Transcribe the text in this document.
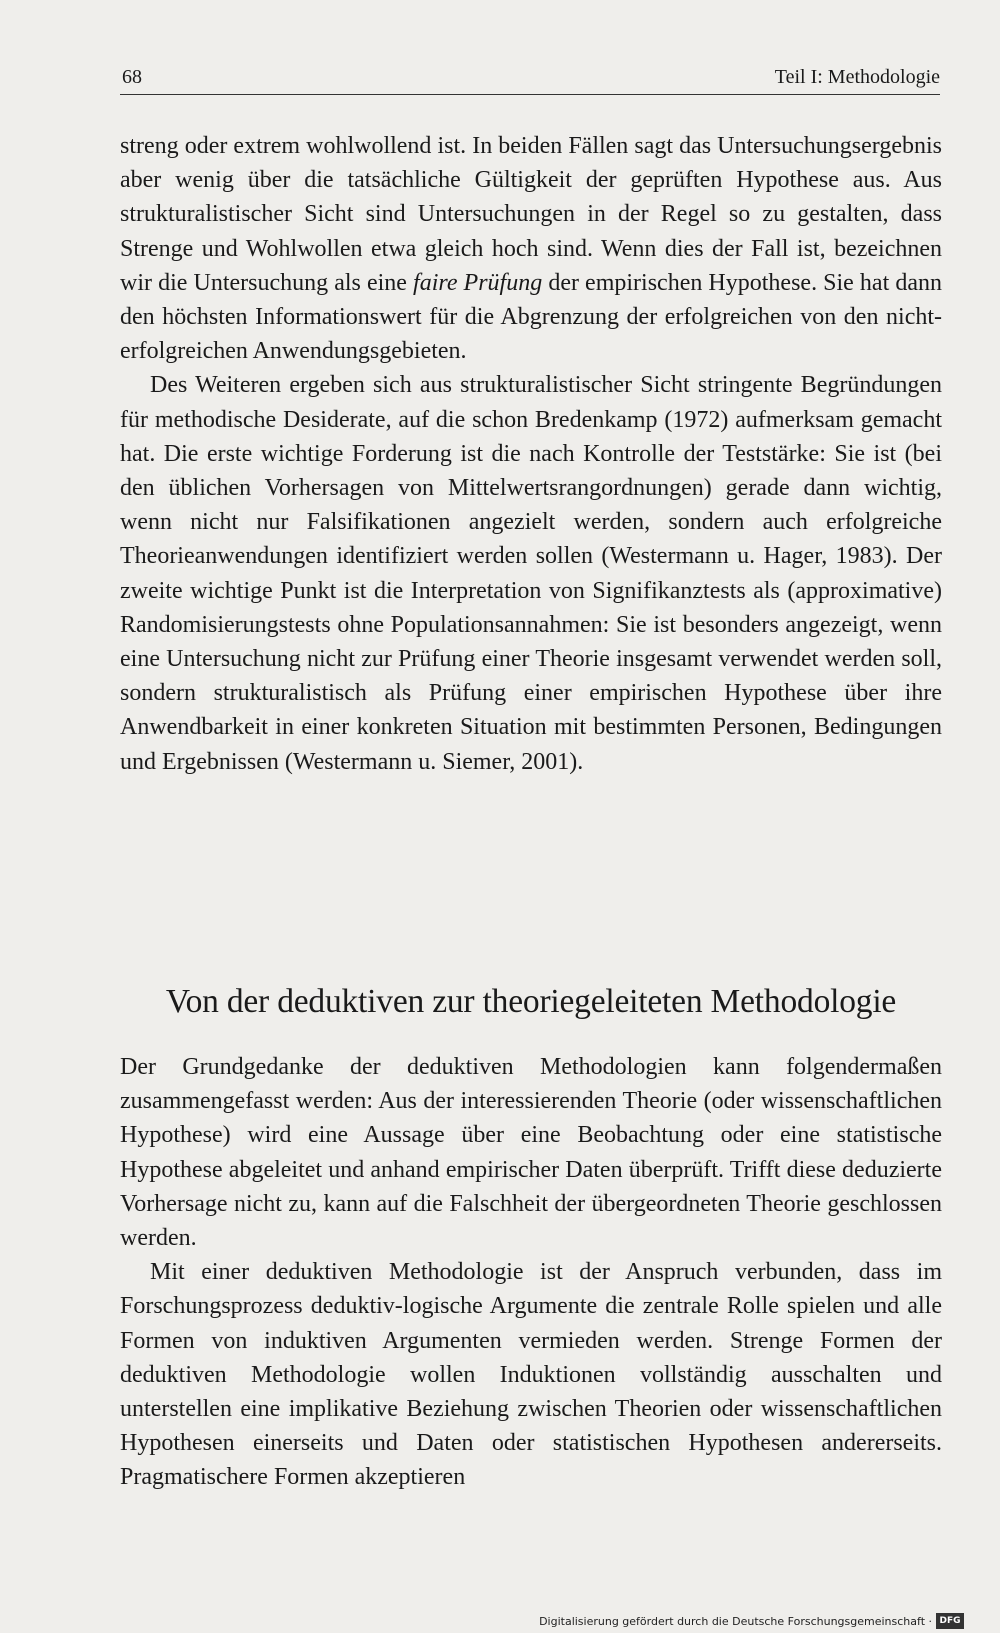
68	Teil I: Methodologie

streng oder extrem wohlwollend ist. In beiden Fällen sagt das Untersuchungsergebnis aber wenig über die tatsächliche Gültigkeit der geprüften Hypothese aus. Aus strukturalistischer Sicht sind Untersuchungen in der Regel so zu gestalten, dass Strenge und Wohlwollen etwa gleich hoch sind. Wenn dies der Fall ist, bezeichnen wir die Untersuchung als eine faire Prüfung der empirischen Hypothese. Sie hat dann den höchsten Informationswert für die Abgrenzung der erfolgreichen von den nicht-erfolgreichen Anwendungsgebieten.

Des Weiteren ergeben sich aus strukturalistischer Sicht stringente Begründungen für methodische Desiderate, auf die schon Bredenkamp (1972) aufmerksam gemacht hat. Die erste wichtige Forderung ist die nach Kontrolle der Teststärke: Sie ist (bei den üblichen Vorhersagen von Mittelwertsrangordnungen) gerade dann wichtig, wenn nicht nur Falsifikationen angezielt werden, sondern auch erfolgreiche Theorieanwendungen identifiziert werden sollen (Westermann u. Hager, 1983). Der zweite wichtige Punkt ist die Interpretation von Signifikanztests als (approximative) Randomisierungstests ohne Populationsannahmen: Sie ist besonders angezeigt, wenn eine Untersuchung nicht zur Prüfung einer Theorie insgesamt verwendet werden soll, sondern strukturalistisch als Prüfung einer empirischen Hypothese über ihre Anwendbarkeit in einer konkreten Situation mit bestimmten Personen, Bedingungen und Ergebnissen (Westermann u. Siemer, 2001).

Von der deduktiven zur theoriegeleiteten Methodologie

Der Grundgedanke der deduktiven Methodologien kann folgendermaßen zusammengefasst werden: Aus der interessierenden Theorie (oder wissenschaftlichen Hypothese) wird eine Aussage über eine Beobachtung oder eine statistische Hypothese abgeleitet und anhand empirischer Daten überprüft. Trifft diese deduzierte Vorhersage nicht zu, kann auf die Falschheit der übergeordneten Theorie geschlossen werden.

Mit einer deduktiven Methodologie ist der Anspruch verbunden, dass im Forschungsprozess deduktiv-logische Argumente die zentrale Rolle spielen und alle Formen von induktiven Argumenten vermieden werden. Strenge Formen der deduktiven Methodologie wollen Induktionen vollständig ausschalten und unterstellen eine implikative Beziehung zwischen Theorien oder wissenschaftlichen Hypothesen einerseits und Daten oder statistischen Hypothesen andererseits. Pragmatischere Formen akzeptieren

Digitalisierung gefördert durch die Deutsche Forschungsgemeinschaft · DFG
